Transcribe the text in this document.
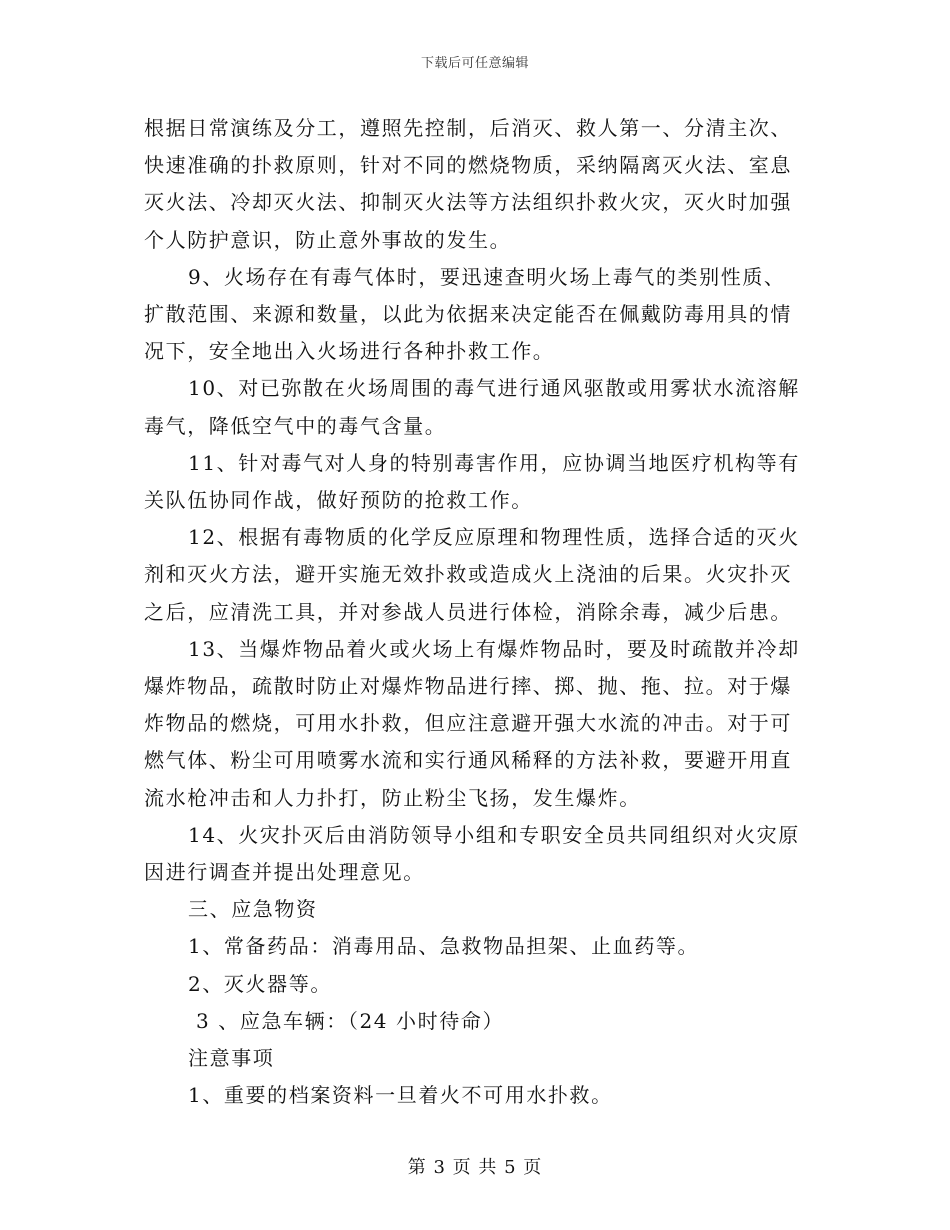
下载后可任意编辑

根据日常演练及分工，遵照先控制，后消灭、救人第一、分清主次、快速准确的扑救原则，针对不同的燃烧物质，采纳隔离灭火法、室息灭火法、冷却灭火法、抑制灭火法等方法组织扑救火灾，灭火时加强个人防护意识，防止意外事故的发生。

9、火场存在有毒气体时，要迅速查明火场上毒气的类别性质、扩散范围、来源和数量，以此为依据来决定能否在佩戴防毒用具的情况下，安全地出入火场进行各种扑救工作。

10、对已弥散在火场周围的毒气进行通风驱散或用雾状水流溶解毒气，降低空气中的毒气含量。

11、针对毒气对人身的特别毒害作用，应协调当地医疗机构等有关队伍协同作战，做好预防的抢救工作。

12、根据有毒物质的化学反应原理和物理性质，选择合适的灭火剂和灭火方法，避开实施无效扑救或造成火上浇油的后果。火灾扑灭之后，应清洗工具，并对参战人员进行体检，消除余毒，减少后患。

13、当爆炸物品着火或火场上有爆炸物品时，要及时疏散并冷却爆炸物品，疏散时防止对爆炸物品进行摔、掷、抛、拖、拉。对于爆炸物品的燃烧，可用水扑救，但应注意避开强大水流的冲击。对于可燃气体、粉尘可用喷雾水流和实行通风稀释的方法补救，要避开用直流水枪冲击和人力扑打，防止粉尘飞扬，发生爆炸。

14、火灾扑灭后由消防领导小组和专职安全员共同组织对火灾原因进行调查并提出处理意见。

三、应急物资

1、常备药品：消毒用品、急救物品担架、止血药等。

2、灭火器等。

3 、应急车辆：（24 小时待命）

注意事项

1、重要的档案资料一旦着火不可用水扑救。

第 3 页 共 5 页
